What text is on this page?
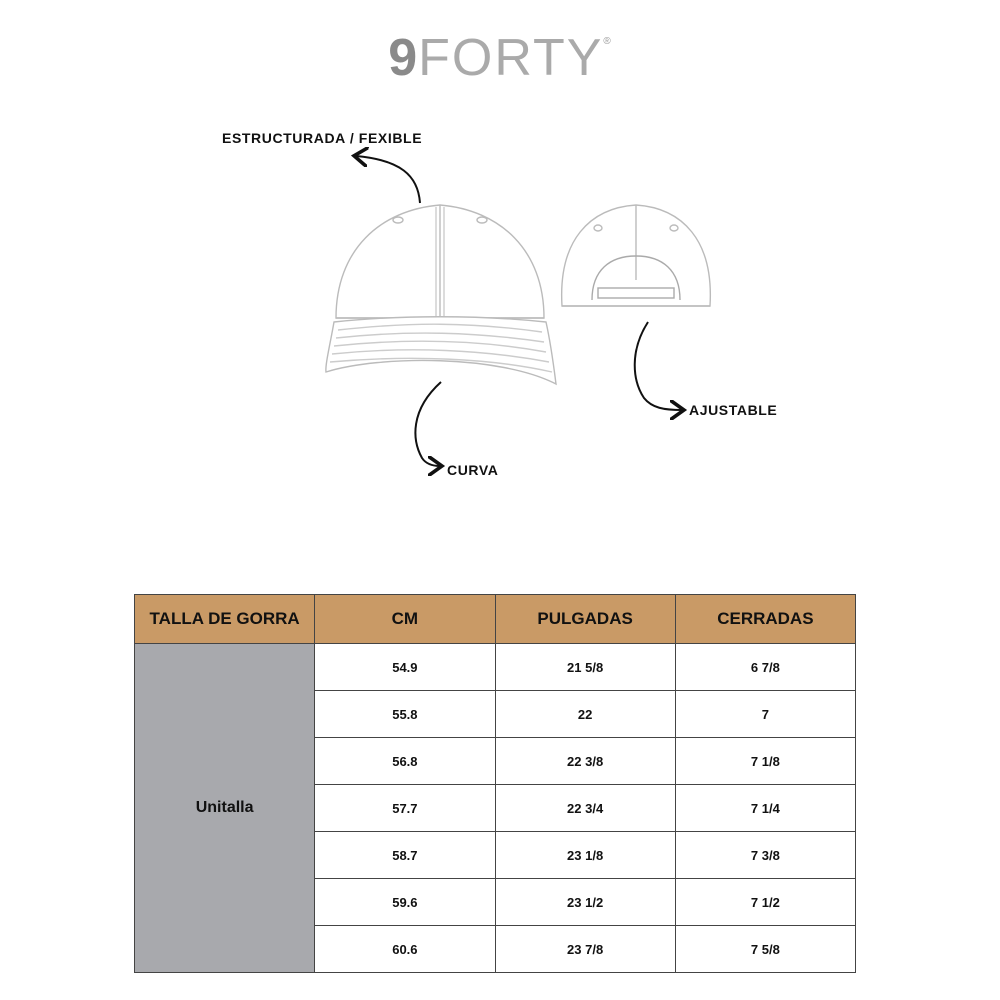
9FORTY®
ESTRUCTURADA / FEXIBLE
CURVA
AJUSTABLE
TALLA DE GORRA	CM	PULGADAS	CERRADAS
Unitalla	54.9	21 5/8	6 7/8
	55.8	22	7
	56.8	22 3/8	7 1/8
	57.7	22 3/4	7 1/4
	58.7	23 1/8	7 3/8
	59.6	23 1/2	7 1/2
	60.6	23 7/8	7 5/8
